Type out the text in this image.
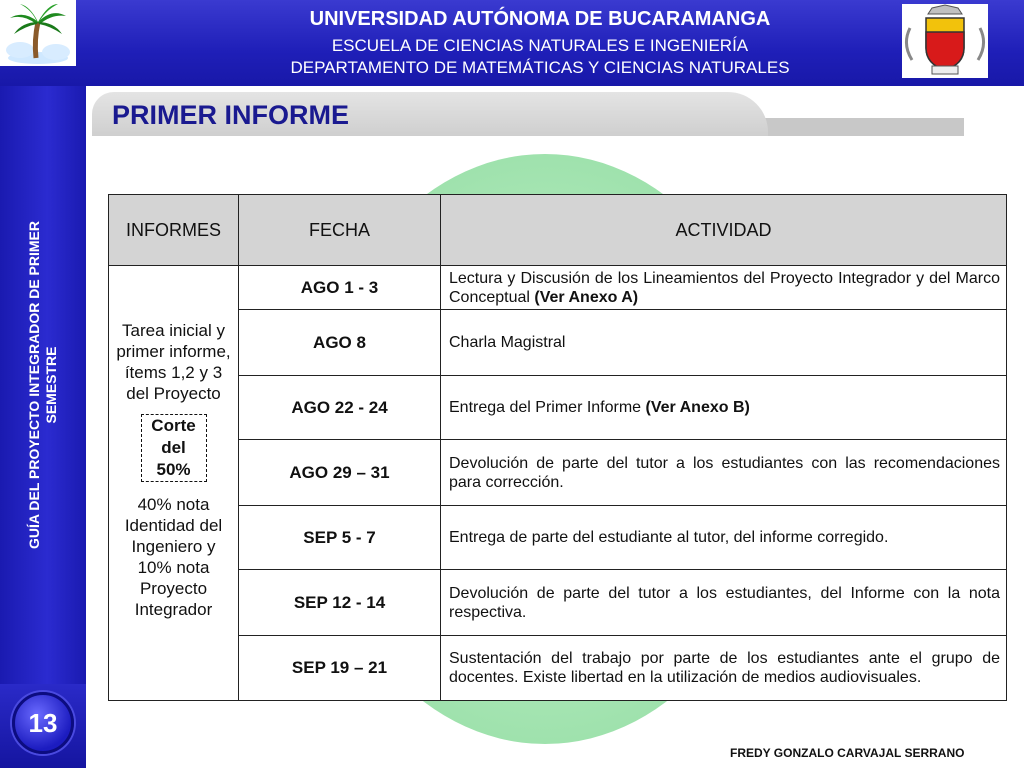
UNIVERSIDAD AUTÓNOMA DE BUCARAMANGA
ESCUELA DE CIENCIAS NATURALES E INGENIERÍA
DEPARTAMENTO DE MATEMÁTICAS Y CIENCIAS NATURALES
GUÍA DEL PROYECTO INTEGRADOR DE PRIMER SEMESTRE
13
PRIMER INFORME
INFORMES	FECHA	ACTIVIDAD

Tarea inicial y primer informe, ítems 1,2 y 3 del Proyecto
Corte del 50%
40% nota Identidad del Ingeniero y 10% nota Proyecto Integrador	AGO 1 - 3	Lectura y Discusión de los Lineamientos del Proyecto Integrador y del Marco Conceptual (Ver Anexo A)
	AGO 8	Charla Magistral
	AGO 22 - 24	Entrega del Primer Informe (Ver Anexo B)
	AGO 29 – 31	Devolución de parte del tutor a los estudiantes con las recomendaciones para corrección.
	SEP 5 - 7	Entrega de parte del estudiante al tutor, del informe corregido.
	SEP 12 - 14	Devolución de parte del tutor a los estudiantes, del Informe con la nota respectiva.
	SEP 19 – 21	Sustentación del trabajo por parte de los estudiantes ante el grupo de docentes. Existe libertad en la utilización de medios audiovisuales.
FREDY GONZALO CARVAJAL SERRANO
